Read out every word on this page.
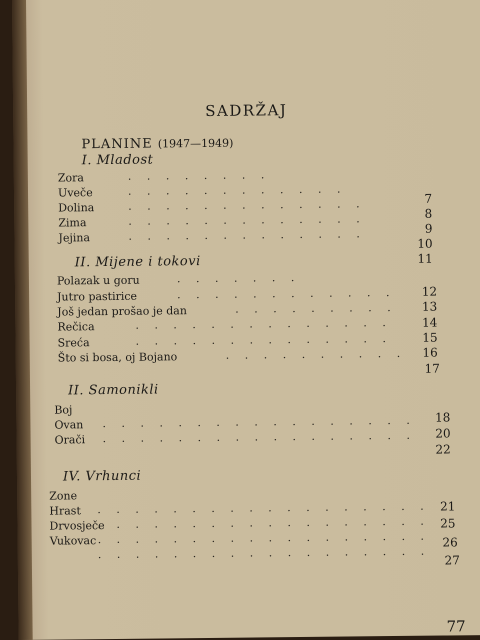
SADRŽAJ
PLANINE (1947—1949)
I. Mladost
Zora
Uveče
Dolina
Zima
Jejina
. . . . . . . .
. . . . . . . . . . . .
. . . . . . . . . . . . .
. . . . . . . . . . . . .
. . . . . . . . . . . . .
7
8
9
10
11
II. Mijene i tokovi
Polazak u goru
Jutro pastirice
Još jedan prošao je dan
Rečica
Sreća
Što si bosa, oj Bojano
. . . . . . .
. . . . . . . . . . . .
. . . . . . . . .
. . . . . . . . . . . . . .
. . . . . . . . . . . . . .
. . . . . . . . . .
12
13
14
15
16
17
II. Samonikli
Boj
Ovan
Orači
. . . . . . . . . . . . . . . . .
. . . . . . . . . . . . . . . . .
18
20
22
IV. Vrhunci
Zone
Hrast
Drvosječe
Vukovac
. . . . . . . . . . . . . . . . . .
. . . . . . . . . . . . . . . . . .
. . . . . . . . . . . . . . . . . .
. . . . . . . . . . . . . . . . . .
21
25
26
27
77
